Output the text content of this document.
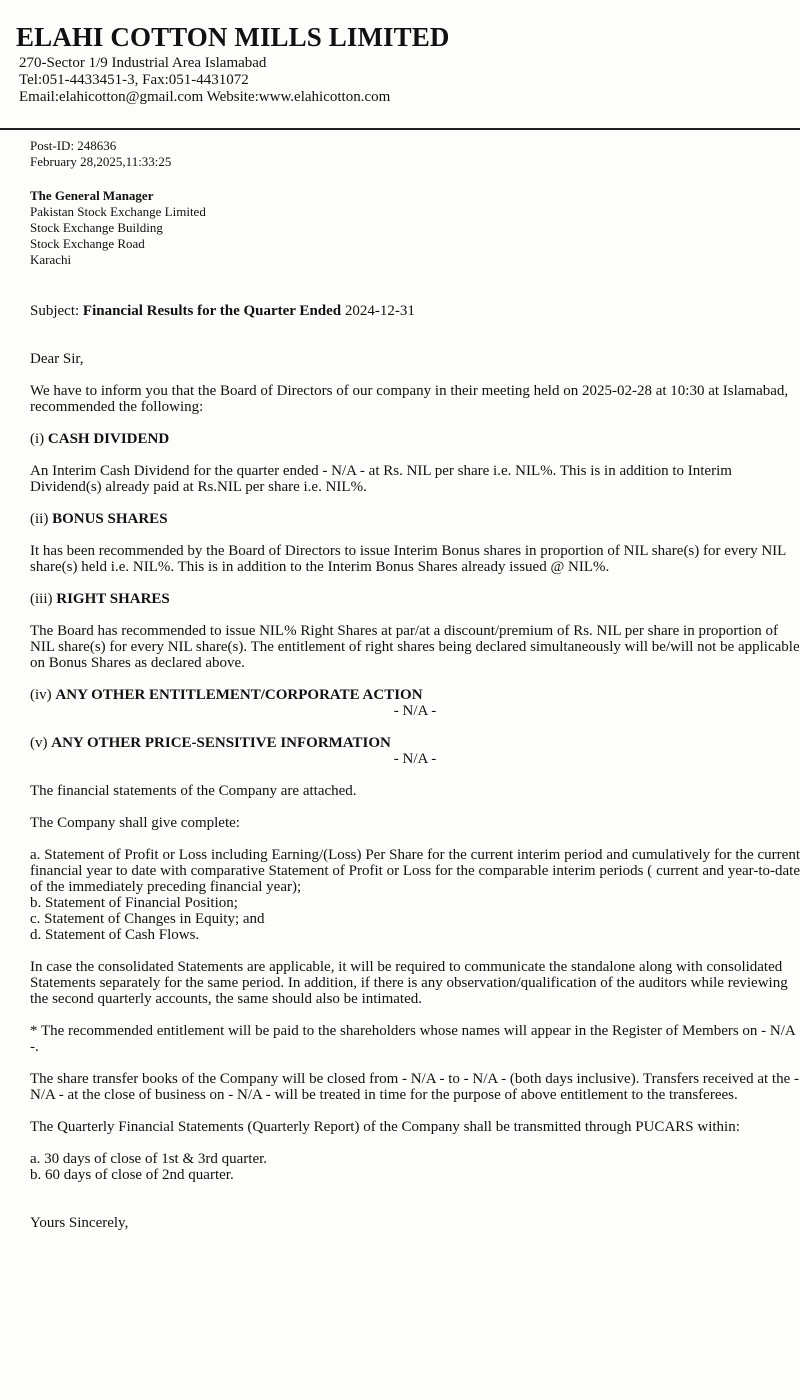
ELAHI COTTON MILLS LIMITED
270-Sector 1/9 Industrial Area Islamabad
Tel:051-4433451-3, Fax:051-4431072
Email:elahicotton@gmail.com Website:www.elahicotton.com
Post-ID: 248636
February 28,2025,11:33:25
The General Manager
Pakistan Stock Exchange Limited
Stock Exchange Building
Stock Exchange Road
Karachi
Subject: Financial Results for the Quarter Ended 2024-12-31
Dear Sir,
We have to inform you that the Board of Directors of our company in their meeting held on 2025-02-28 at 10:30 at Islamabad, recommended the following:
(i) CASH DIVIDEND
An Interim Cash Dividend for the quarter ended - N/A - at Rs. NIL per share i.e. NIL%. This is in addition to Interim Dividend(s) already paid at Rs.NIL per share i.e. NIL%.
(ii) BONUS SHARES
It has been recommended by the Board of Directors to issue Interim Bonus shares in proportion of NIL share(s) for every NIL share(s) held i.e. NIL%. This is in addition to the Interim Bonus Shares already issued @ NIL%.
(iii) RIGHT SHARES
The Board has recommended to issue NIL% Right Shares at par/at a discount/premium of Rs. NIL per share in proportion of NIL share(s) for every NIL share(s). The entitlement of right shares being declared simultaneously will be/will not be applicable on Bonus Shares as declared above.
(iv) ANY OTHER ENTITLEMENT/CORPORATE ACTION
- N/A -
(v) ANY OTHER PRICE-SENSITIVE INFORMATION
- N/A -
The financial statements of the Company are attached.
The Company shall give complete:
a. Statement of Profit or Loss including Earning/(Loss) Per Share for the current interim period and cumulatively for the current financial year to date with comparative Statement of Profit or Loss for the comparable interim periods ( current and year-to-date of the immediately preceding financial year);
b. Statement of Financial Position;
c. Statement of Changes in Equity; and
d. Statement of Cash Flows.
In case the consolidated Statements are applicable, it will be required to communicate the standalone along with consolidated Statements separately for the same period. In addition, if there is any observation/qualification of the auditors while reviewing the second quarterly accounts, the same should also be intimated.
* The recommended entitlement will be paid to the shareholders whose names will appear in the Register of Members on - N/A -.
The share transfer books of the Company will be closed from - N/A - to - N/A - (both days inclusive). Transfers received at the - N/A - at the close of business on - N/A - will be treated in time for the purpose of above entitlement to the transferees.
The Quarterly Financial Statements (Quarterly Report) of the Company shall be transmitted through PUCARS within:
a. 30 days of close of 1st & 3rd quarter.
b. 60 days of close of 2nd quarter.
Yours Sincerely,
